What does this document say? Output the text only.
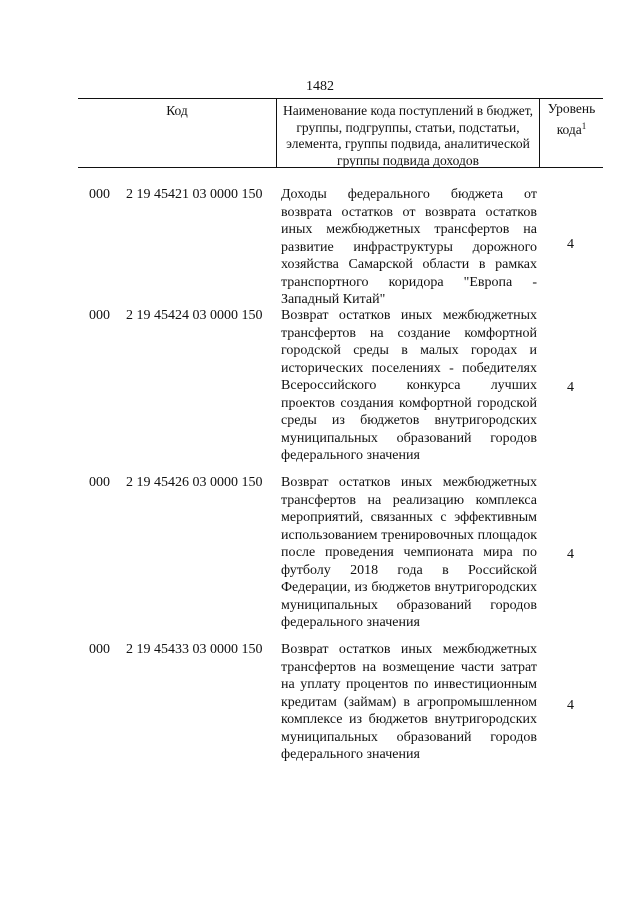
1482
Код	Наименование кода поступлений в бюджет, группы, подгруппы, статьи, подстатьи, элемента, группы подвида, аналитической группы подвида доходов
Уровень кода$^1$
000 2 19 45421 03 0000 150 Доходы федерального бюджета от возврата остатков от возврата остатков иных межбюджетных трансфертов на развитие инфраструктуры дорожного хозяйства Самарской области в рамках транспортного коридора "Европа - Западный Китай"
4
000 2 19 45424 03 0000 150 Возврат остатков иных межбюджетных трансфертов на создание комфортной городской среды в малых городах и исторических поселениях - победителях Всероссийского конкурса лучших проектов создания комфортной городской среды из бюджетов внутригородских муниципальных образований городов федерального значения
4
000 2 19 45426 03 0000 150 Возврат остатков иных межбюджетных трансфертов на реализацию комплекса мероприятий, связанных с эффективным использованием тренировочных площадок после проведения чемпионата мира по футболу 2018 года в Российской Федерации, из бюджетов внутригородских муниципальных образований городов федерального значения
4
000 2 19 45433 03 0000 150 Возврат остатков иных межбюджетных трансфертов на возмещение части затрат на уплату процентов по инвестиционным кредитам (займам) в агропромышленном комплексе из бюджетов внутригородских муниципальных образований городов федерального значения
4
